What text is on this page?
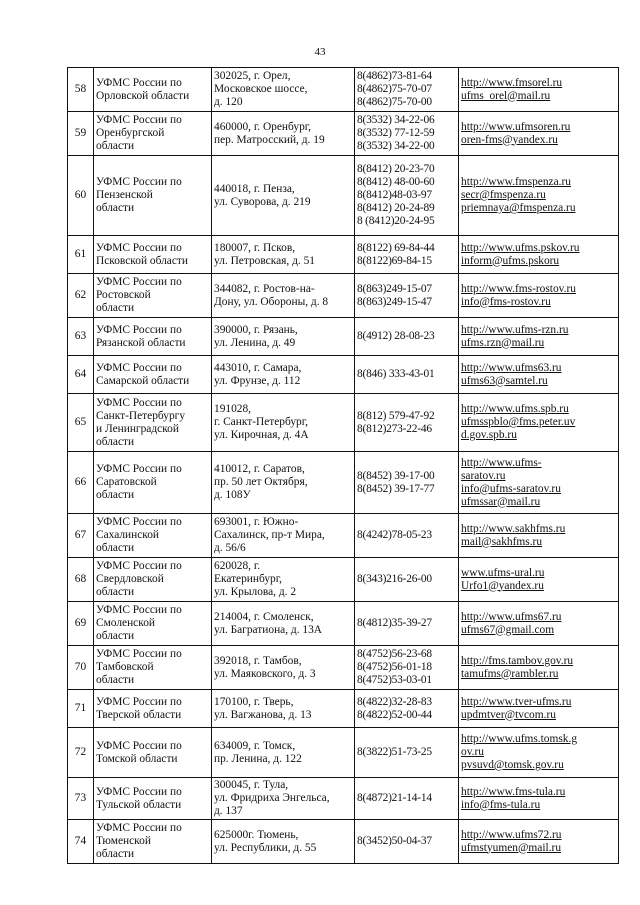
43
58	УФМС России по
Орловской области	302025, г. Орел,
Московское шоссе,
д. 120	8(4862)73-81-64
8(4862)75-70-07
8(4862)75-70-00	http://www.fmsorel.ru
ufms_orel@mail.ru

59	УФМС России по
Оренбургской
области	460000, г. Оренбург,
пер. Матросский, д. 19	8(3532) 34-22-06
8(3532) 77-12-59
8(3532) 34-22-00	http://www.ufmsoren.ru
oren-fms@yandex.ru

60	УФМС России по
Пензенской
области	440018, г. Пенза,
ул. Суворова, д. 219	8(8412) 20-23-70
8(8412) 48-00-60
8(8412)48-03-97
8(8412) 20-24-89
8 (8412)20-24-95	http://www.fmspenza.ru
secr@fmspenza.ru
priemnaya@fmspenza.ru

61	УФМС России по
Псковской области	180007, г. Псков,
ул. Петровская, д. 51	8(8122) 69-84-44
8(8122)69-84-15	http://www.ufms.pskov.ru
inform@ufms.pskoru

62	УФМС России по
Ростовской
области	344082, г. Ростов-на-
Дону, ул. Обороны, д. 8	8(863)249-15-07
8(863)249-15-47	http://www.fms-rostov.ru
info@fms-rostov.ru

63	УФМС России по
Рязанской области	390000, г. Рязань,
ул. Ленина, д. 49	8(4912) 28-08-23	http://www.ufms-rzn.ru
ufms.rzn@mail.ru

64	УФМС России по
Самарской области	443010, г. Самара,
ул. Фрунзе, д. 112	8(846) 333-43-01	http://www.ufms63.ru
ufms63@samtel.ru

65	УФМС России по
Санкт-Петербургу
и Ленинградской
области	191028,
г. Санкт-Петербург,
ул. Кирочная, д. 4А	8(812) 579-47-92
8(812)273-22-46	http://www.ufms.spb.ru
ufmsspblo@fms.peter.uv
d.gov.spb.ru

66	УФМС России по
Саратовской
области	410012, г. Саратов,
пр. 50 лет Октября,
д. 108У	8(8452) 39-17-00
8(8452) 39-17-77	http://www.ufms-
saratov.ru
info@ufms-saratov.ru
ufmssar@mail.ru

67	УФМС России по
Сахалинской
области	693001, г. Южно-
Сахалинск, пр-т Мира,
д. 56/6	8(4242)78-05-23	http://www.sakhfms.ru
mail@sakhfms.ru

68	УФМС России по
Свердловской
области	620028, г.
Екатеринбург,
ул. Крылова, д. 2	8(343)216-26-00	www.ufms-ural.ru
Urfo1@yandex.ru

69	УФМС России по
Смоленской
области	214004, г. Смоленск,
ул. Багратиона, д. 13А	8(4812)35-39-27	http://www.ufms67.ru
ufms67@gmail.com

70	УФМС России по
Тамбовской
области	392018, г. Тамбов,
ул. Маяковского, д. 3	8(4752)56-23-68
8(4752)56-01-18
8(4752)53-03-01	http://fms.tambov.gov.ru
tamufms@rambler.ru

71	УФМС России по
Тверской области	170100, г. Тверь,
ул. Вагжанова, д. 13	8(4822)32-28-83
8(4822)52-00-44	http://www.tver-ufms.ru
updmtver@tvcom.ru

72	УФМС России по
Томской области	634009, г. Томск,
пр. Ленина, д. 122	8(3822)51-73-25	http://www.ufms.tomsk.g
ov.ru
pvsuvd@tomsk.gov.ru

73	УФМС России по
Тульской области	300045, г. Тула,
ул. Фридриха Энгельса,
д. 137	8(4872)21-14-14	http://www.fms-tula.ru
info@fms-tula.ru

74	УФМС России по
Тюменской
области	625000г. Тюмень,
ул. Республики, д. 55	8(3452)50-04-37	http://www.ufms72.ru
ufmstyumen@mail.ru
